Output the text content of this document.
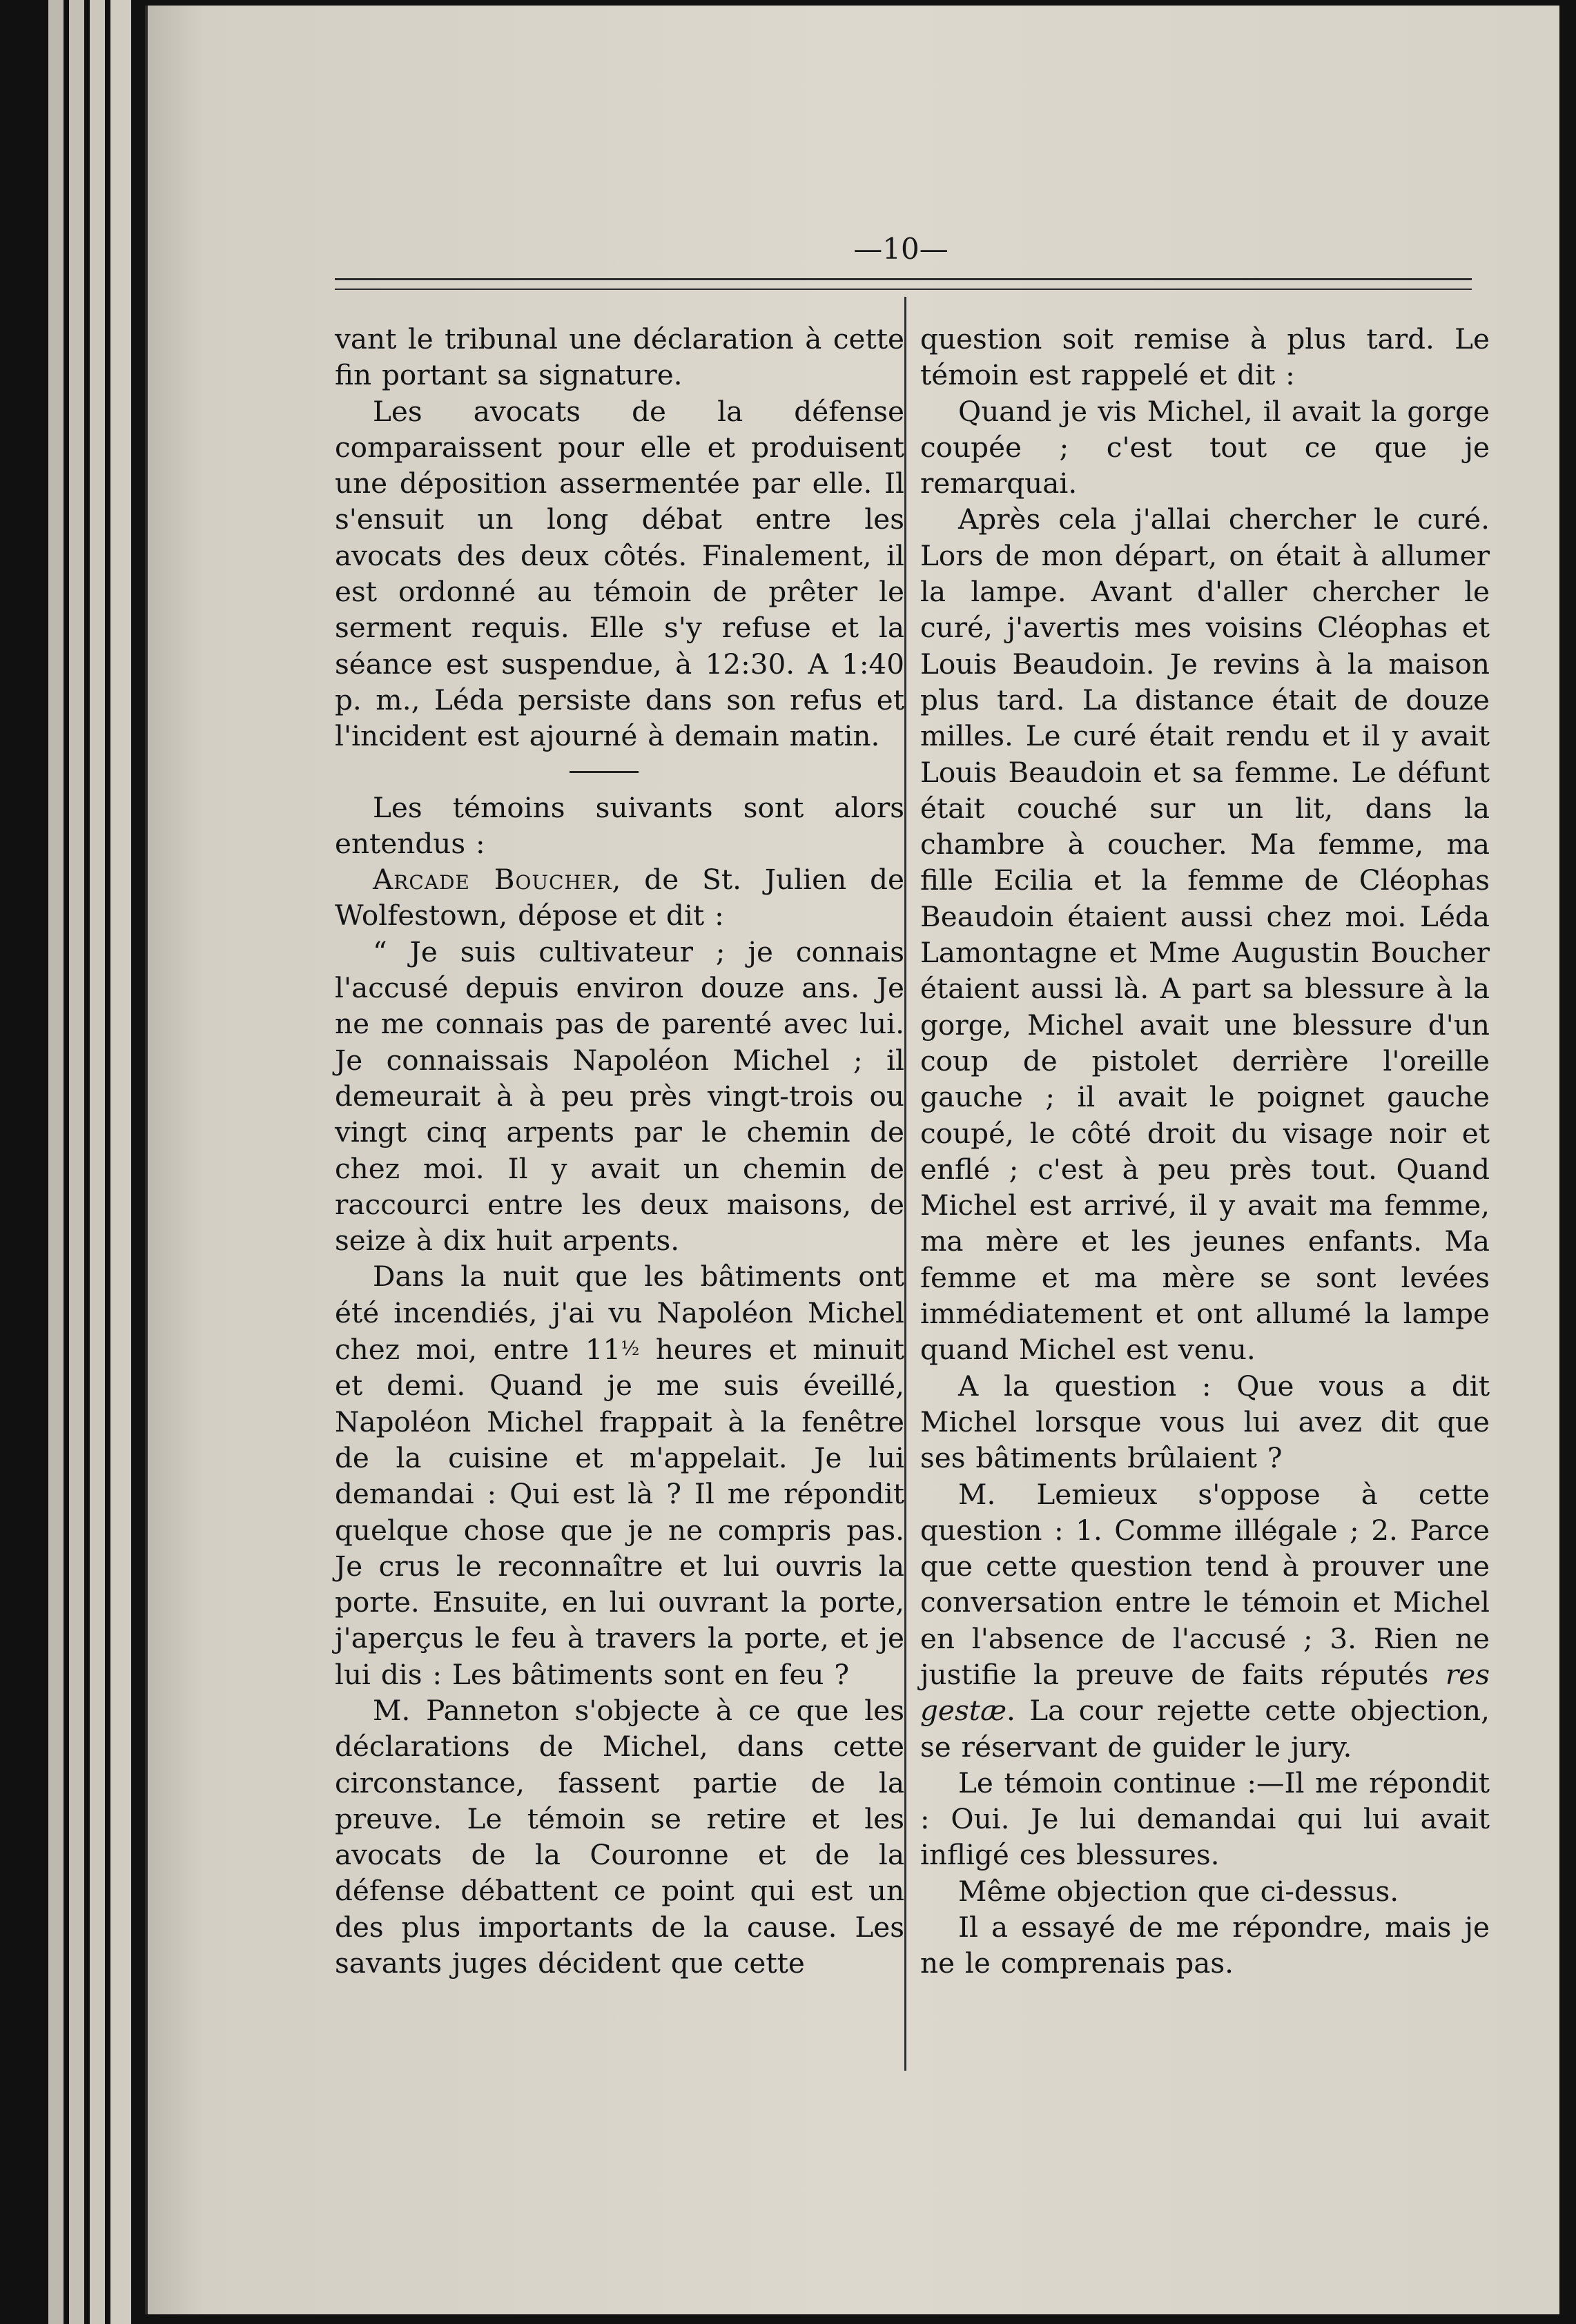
—10—

vant le tribunal une déclaration à cette fin portant sa signature.

Les avocats de la défense comparaissent pour elle et produisent une déposition assermentée par elle. Il s'ensuit un long débat entre les avocats des deux côtés. Finalement, il est ordonné au témoin de prêter le serment requis. Elle s'y refuse et la séance est suspendue, à 12:30. A 1:40 p. m., Léda persiste dans son refus et l'incident est ajourné à demain matin.

Les témoins suivants sont alors entendus :

Arcade Boucher, de St. Julien de Wolfestown, dépose et dit :

“ Je suis cultivateur ; je connais l'accusé depuis environ douze ans. Je ne me connais pas de parenté avec lui. Je connaissais Napoléon Michel ; il demeurait à à peu près vingt-trois ou vingt cinq arpents par le chemin de chez moi. Il y avait un chemin de raccourci entre les deux maisons, de seize à dix huit arpents.

Dans la nuit que les bâtiments ont été incendiés, j'ai vu Napoléon Michel chez moi, entre 11½ heures et minuit et demi. Quand je me suis éveillé, Napoléon Michel frappait à la fenêtre de la cuisine et m'appelait. Je lui demandai : Qui est là ? Il me répondit quelque chose que je ne compris pas. Je crus le reconnaître et lui ouvris la porte. Ensuite, en lui ouvrant la porte, j'aperçus le feu à travers la porte, et je lui dis : Les bâtiments sont en feu ?

M. Panneton s'objecte à ce que les déclarations de Michel, dans cette circonstance, fassent partie de la preuve. Le témoin se retire et les avocats de la Couronne et de la défense débattent ce point qui est un des plus importants de la cause. Les savants juges décident que cette

question soit remise à plus tard. Le témoin est rappelé et dit :

Quand je vis Michel, il avait la gorge coupée ; c'est tout ce que je remarquai.

Après cela j'allai chercher le curé. Lors de mon départ, on était à allumer la lampe. Avant d'aller chercher le curé, j'avertis mes voisins Cléophas et Louis Beaudoin. Je revins à la maison plus tard. La distance était de douze milles. Le curé était rendu et il y avait Louis Beaudoin et sa femme. Le défunt était couché sur un lit, dans la chambre à coucher. Ma femme, ma fille Ecilia et la femme de Cléophas Beaudoin étaient aussi chez moi. Léda Lamontagne et Mme Augustin Boucher étaient aussi là. A part sa blessure à la gorge, Michel avait une blessure d'un coup de pistolet derrière l'oreille gauche ; il avait le poignet gauche coupé, le côté droit du visage noir et enflé ; c'est à peu près tout. Quand Michel est arrivé, il y avait ma femme, ma mère et les jeunes enfants. Ma femme et ma mère se sont levées immédiatement et ont allumé la lampe quand Michel est venu.

A la question : Que vous a dit Michel lorsque vous lui avez dit que ses bâtiments brûlaient ?

M. Lemieux s'oppose à cette question : 1. Comme illégale ; 2. Parce que cette question tend à prouver une conversation entre le témoin et Michel en l'absence de l'accusé ; 3. Rien ne justifie la preuve de faits réputés res gestæ. La cour rejette cette objection, se réservant de guider le jury.

Le témoin continue :—Il me répondit : Oui. Je lui demandai qui lui avait infligé ces blessures.

Même objection que ci-dessus.

Il a essayé de me répondre, mais je ne le comprenais pas.
